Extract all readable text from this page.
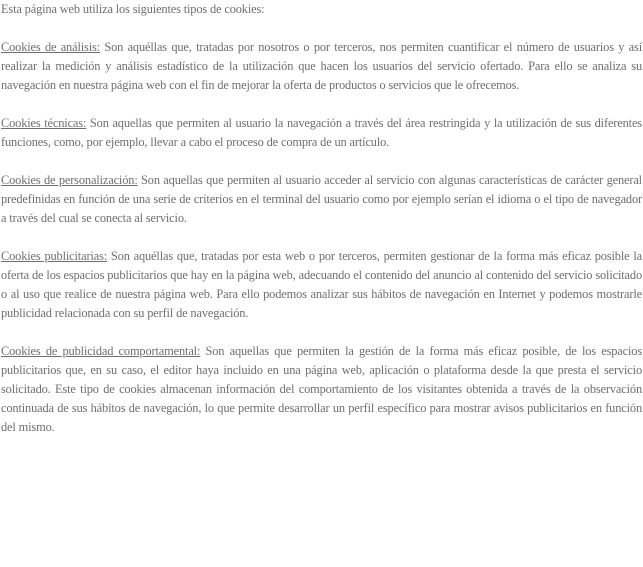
Esta página web utiliza los siguientes tipos de cookies:

Cookies de análisis: Son aquéllas que, tratadas por nosotros o por terceros, nos permiten cuantificar el número de usuarios y así realizar la medición y análisis estadístico de la utilización que hacen los usuarios del servicio ofertado. Para ello se analiza su navegación en nuestra página web con el fin de mejorar la oferta de productos o servicios que le ofrecemos.

Cookies técnicas: Son aquellas que permiten al usuario la navegación a través del área restringida y la utilización de sus diferentes funciones, como, por ejemplo, llevar a cabo el proceso de compra de un artículo.

Cookies de personalización: Son aquellas que permiten al usuario acceder al servicio con algunas características de carácter general predefinidas en función de una serie de criterios en el terminal del usuario como por ejemplo serían el idioma o el tipo de navegador a través del cual se conecta al servicio.

Cookies publicitarias: Son aquéllas que, tratadas por esta web o por terceros, permiten gestionar de la forma más eficaz posible la oferta de los espacios publicitarios que hay en la página web, adecuando el contenido del anuncio al contenido del servicio solicitado o al uso que realice de nuestra página web. Para ello podemos analizar sus hábitos de navegación en Internet y podemos mostrarle publicidad relacionada con su perfil de navegación.

Cookies de publicidad comportamental: Son aquellas que permiten la gestión de la forma más eficaz posible, de los espacios publicitarios que, en su caso, el editor haya incluido en una página web, aplicación o plataforma desde la que presta el servicio solicitado. Este tipo de cookies almacenan información del comportamiento de los visitantes obtenida a través de la observación continuada de sus hábitos de navegación, lo que permite desarrollar un perfil específico para mostrar avisos publicitarios en función del mismo.
